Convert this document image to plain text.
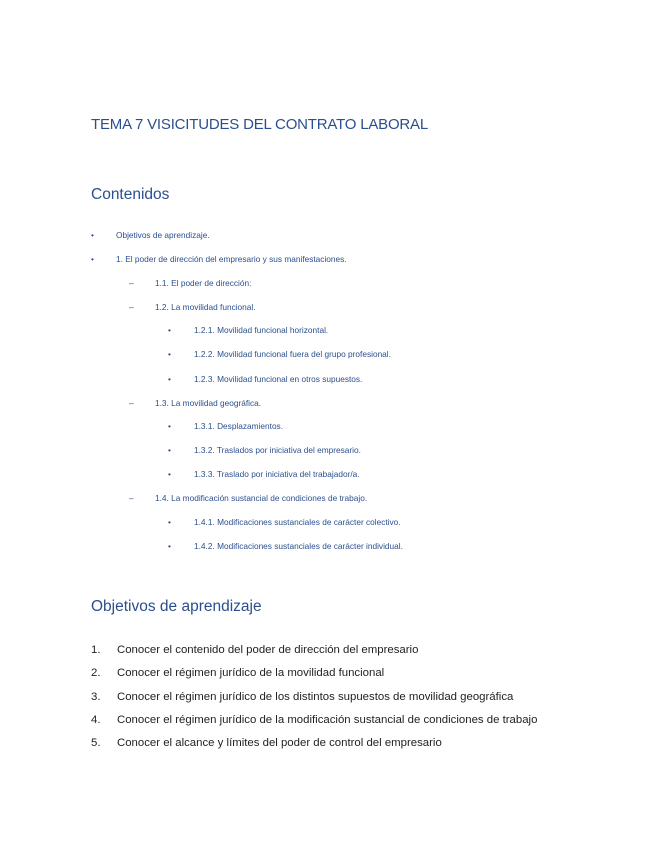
TEMA 7 VISICITUDES DEL CONTRATO LABORAL
Contenidos
•	Objetivos de aprendizaje.
•	1. El poder de dirección del empresario y sus manifestaciones.
–	1.1. El poder de dirección:
–	1.2. La movilidad funcional.
•	1.2.1. Movilidad funcional horizontal.
•	1.2.2. Movilidad funcional fuera del grupo profesional.
•	1.2.3. Movilidad funcional en otros supuestos.
–	1.3. La movilidad geográfica.
•	1.3.1. Desplazamientos.
•	1.3.2. Traslados por iniciativa del empresario.
•	1.3.3. Traslado por iniciativa del trabajador/a.
–	1.4. La modificación sustancial de condiciones de trabajo.
•	1.4.1. Modificaciones sustanciales de carácter colectivo.
•	1.4.2. Modificaciones sustanciales de carácter individual.
Objetivos de aprendizaje
1. Conocer el contenido del poder de dirección del empresario
2. Conocer el régimen jurídico de la movilidad funcional
3. Conocer el régimen jurídico de los distintos supuestos de movilidad geográfica
4. Conocer el régimen jurídico de la modificación sustancial de condiciones de trabajo
5. Conocer el alcance y límites del poder de control del empresario
